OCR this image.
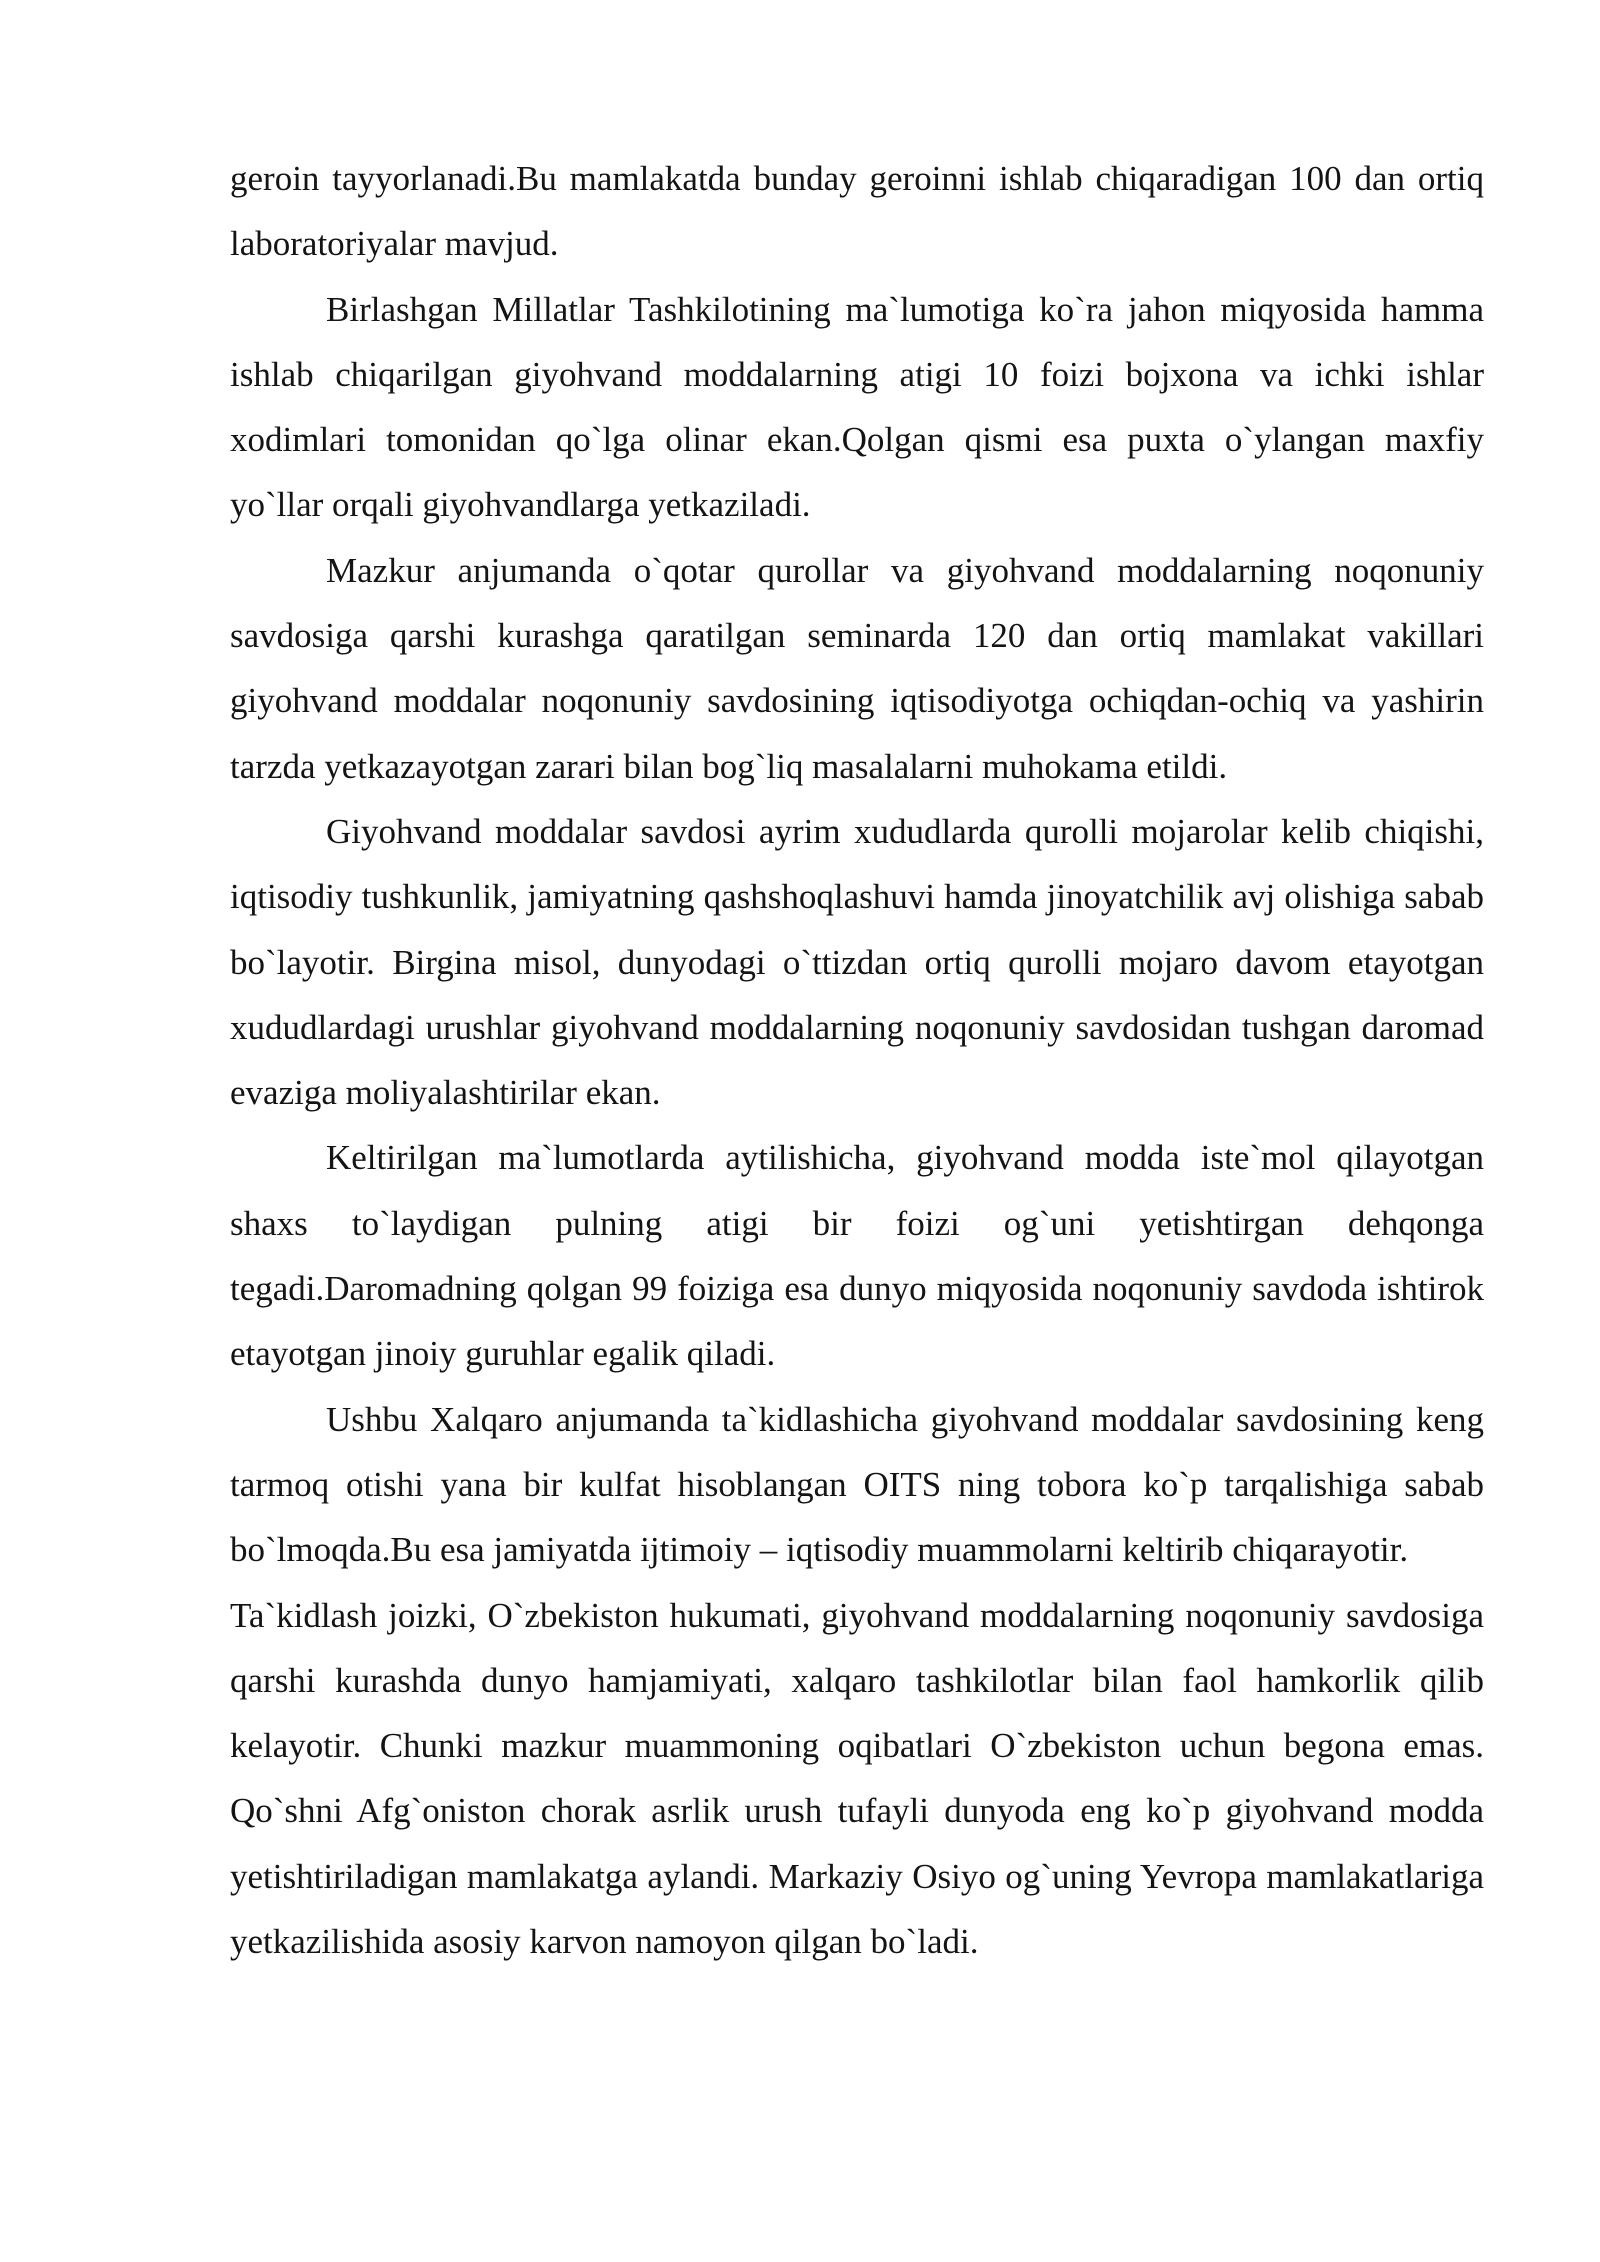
geroin tayyorlanadi.Bu mamlakatda bunday geroinni ishlab chiqaradigan 100 dan ortiq laboratoriyalar mavjud.

Birlashgan Millatlar Tashkilotining ma`lumotiga ko`ra jahon miqyosida hamma ishlab chiqarilgan giyohvand moddalarning atigi 10 foizi bojxona va ichki ishlar xodimlari tomonidan qo`lga olinar ekan.Qolgan qismi esa puxta o`ylangan maxfiy yo`llar orqali giyohvandlarga yetkaziladi.

Mazkur anjumanda o`qotar qurollar va giyohvand moddalarning noqonuniy savdosiga qarshi kurashga qaratilgan seminarda 120 dan ortiq mamlakat vakillari giyohvand moddalar noqonuniy savdosining iqtisodiyotga ochiqdan-ochiq va yashirin tarzda yetkazayotgan zarari bilan bog`liq masalalarni muhokama etildi.

Giyohvand moddalar savdosi ayrim xududlarda qurolli mojarolar kelib chiqishi, iqtisodiy tushkunlik, jamiyatning qashshoqlashuvi hamda jinoyatchilik avj olishiga sabab bo`layotir. Birgina misol, dunyodagi o`ttizdan ortiq qurolli mojaro davom etayotgan xududlardagi urushlar giyohvand moddalarning noqonuniy savdosidan tushgan daromad evaziga moliyalashtirilar ekan.

Keltirilgan ma`lumotlarda aytilishicha, giyohvand modda iste`mol qilayotgan shaxs to`laydigan pulning atigi bir foizi og`uni yetishtirgan dehqonga tegadi.Daromadning qolgan 99 foiziga esa dunyo miqyosida noqonuniy savdoda ishtirok etayotgan jinoiy guruhlar egalik qiladi.

Ushbu Xalqaro anjumanda ta`kidlashicha giyohvand moddalar savdosining keng tarmoq otishi yana bir kulfat hisoblangan OITS ning tobora ko`p tarqalishiga sabab bo`lmoqda.Bu esa jamiyatda ijtimoiy – iqtisodiy muammolarni keltirib chiqarayotir.

Ta`kidlash joizki, O`zbekiston hukumati, giyohvand moddalarning noqonuniy savdosiga qarshi kurashda dunyo hamjamiyati, xalqaro tashkilotlar bilan faol hamkorlik qilib kelayotir. Chunki mazkur muammoning oqibatlari O`zbekiston uchun begona emas. Qo`shni Afg`oniston chorak asrlik urush tufayli dunyoda eng ko`p giyohvand modda yetishtiriladigan mamlakatga aylandi. Markaziy Osiyo og`uning Yevropa mamlakatlariga yetkazilishida asosiy karvon namoyon qilgan bo`ladi.
